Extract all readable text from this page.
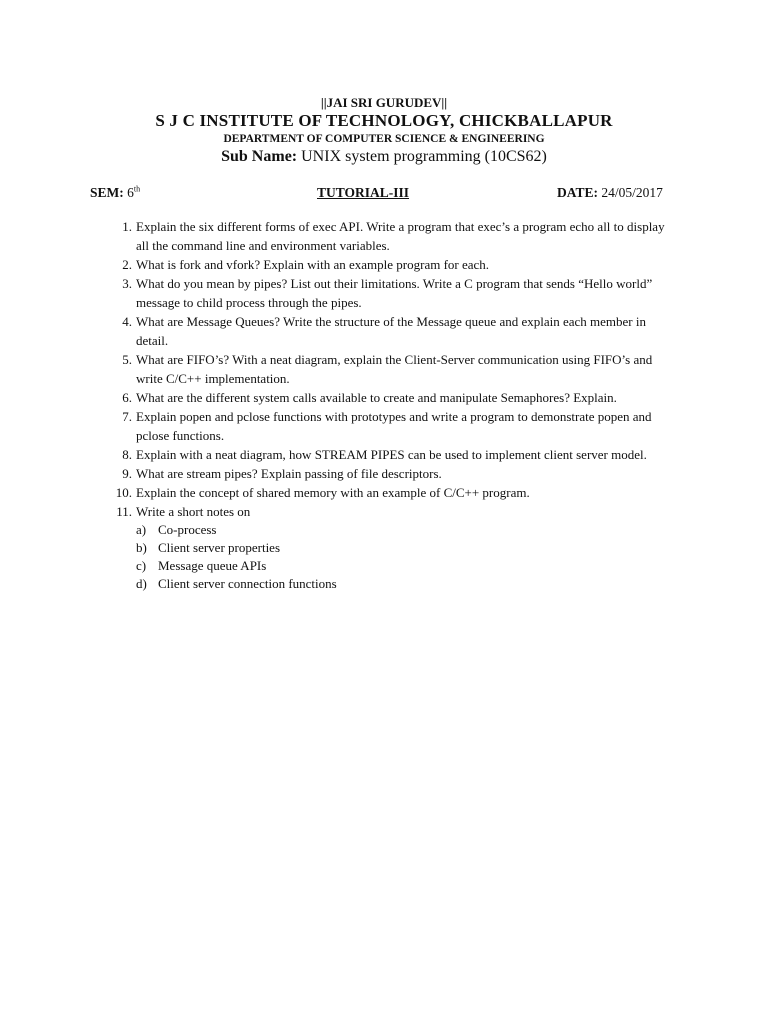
||JAI SRI GURUDEV||
S J C INSTITUTE OF TECHNOLOGY, CHICKBALLAPUR
DEPARTMENT OF COMPUTER SCIENCE & ENGINEERING
Sub Name: UNIX system programming (10CS62)
SEM: 6th	TUTORIAL-III	DATE: 24/05/2017
1. Explain the six different forms of exec API. Write a program that exec’s a program echo all to display all the command line and environment variables.
2. What is fork and vfork? Explain with an example program for each.
3. What do you mean by pipes? List out their limitations. Write a C program that sends “Hello world” message to child process through the pipes.
4. What are Message Queues? Write the structure of the Message queue and explain each member in detail.
5. What are FIFO’s? With a neat diagram, explain the Client-Server communication using FIFO’s and write C/C++ implementation.
6. What are the different system calls available to create and manipulate Semaphores? Explain.
7. Explain popen and pclose functions with prototypes and write a program to demonstrate popen and pclose functions.
8. Explain with a neat diagram, how STREAM PIPES can be used to implement client server model.
9. What are stream pipes? Explain passing of file descriptors.
10. Explain the concept of shared memory with an example of C/C++ program.
11. Write a short notes on
a) Co-process
b) Client server properties
c) Message queue APIs
d) Client server connection functions
